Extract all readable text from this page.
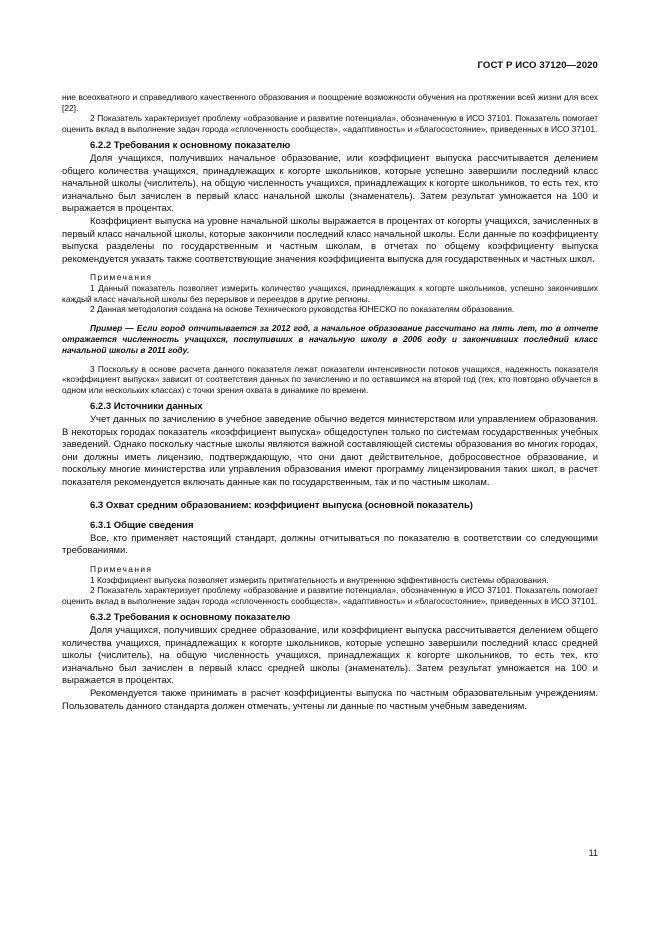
ГОСТ Р ИСО 37120—2020

ние всеохватного и справедливого качественного образования и поощрение возможности обучения на протяжении всей жизни для всех [22].

2 Показатель характеризует проблему «образование и развитие потенциала», обозначенную в ИСО 37101. Показатель помогает оценить вклад в выполнение задач города «сплоченность сообществ», «адаптивность» и «благосостояние», приведенных в ИСО 37101.

6.2.2 Требования к основному показателю

Доля учащихся, получивших начальное образование, или коэффициент выпуска рассчитывается делением общего количества учащихся, принадлежащих к когорте школьников, которые успешно завершили последний класс начальной школы (числитель), на общую численность учащихся, принадлежащих к когорте школьников, то есть тех, кто изначально был зачислен в первый класс начальной школы (знаменатель). Затем результат умножается на 100 и выражается в процентах.

Коэффициент выпуска на уровне начальной школы выражается в процентах от когорты учащихся, зачисленных в первый класс начальной школы, которые закончили последний класс начальной школы. Если данные по коэффициенту выпуска разделены по государственным и частным школам, в отчетах по общему коэффициенту выпуска рекомендуется указать также соответствующие значения коэффициента выпуска для государственных и частных школ.

Примечания

1 Данный показатель позволяет измерить количество учащихся, принадлежащих к когорте школьников, успешно закончивших каждый класс начальной школы без перерывов и переездов в другие регионы.

2 Данная методология создана на основе Технического руководства ЮНЕСКО по показателям образования.

Пример — Если город отчитывается за 2012 год, а начальное образование рассчитано на пять лет, то в отчете отражается численность учащихся, поступивших в начальную школу в 2006 году и закончивших последний класс начальной школы в 2011 году.

3 Поскольку в основе расчета данного показателя лежат показатели интенсивности потоков учащихся, надежность показателя «коэффициент выпуска» зависит от соответствия данных по зачислению и по оставшимся на второй год (тех, кто повторно обучается в одном или нескольких классах) с точки зрения охвата в динамике по времени.

6.2.3 Источники данных

Учет данных по зачислению в учебное заведение обычно ведется министерством или управлением образования. В некоторых городах показатель «коэффициент выпуска» общедоступен только по системам государственных учебных заведений. Однако поскольку частные школы являются важной составляющей системы образования во многих городах, они должны иметь лицензию, подтверждающую, что они дают действительное, добросовестное образование, и поскольку многие министерства или управления образования имеют программу лицензирования таких школ, в расчет показателя рекомендуется включать данные как по государственным, так и по частным школам.

6.3 Охват средним образованием: коэффициент выпуска (основной показатель)
6.3.1 Общие сведения

Все, кто применяет настоящий стандарт, должны отчитываться по показателю в соответствии со следующими требованиями.

Примечания

1 Коэффициент выпуска позволяет измерить притягательность и внутреннюю эффективность системы образования.

2 Показатель характеризует проблему «образование и развитие потенциала», обозначенную в ИСО 37101. Показатель помогает оценить вклад в выполнение задач города «сплоченность сообществ», «адаптивность» и «благосостояние», приведенных в ИСО 37101.

6.3.2 Требования к основному показателю

Доля учащихся, получивших среднее образование, или коэффициент выпуска рассчитывается делением общего количества учащихся, принадлежащих к когорте школьников, которые успешно завершили последний класс средней школы (числитель), на общую численность учащихся, принадлежащих к когорте школьников, то есть тех, кто изначально был зачислен в первый класс средней школы (знаменатель). Затем результат умножается на 100 и выражается в процентах.

Рекомендуется также принимать в расчет коэффициенты выпуска по частным образовательным учреждениям. Пользователь данного стандарта должен отмечать, учтены ли данные по частным учебным заведениям.

11
